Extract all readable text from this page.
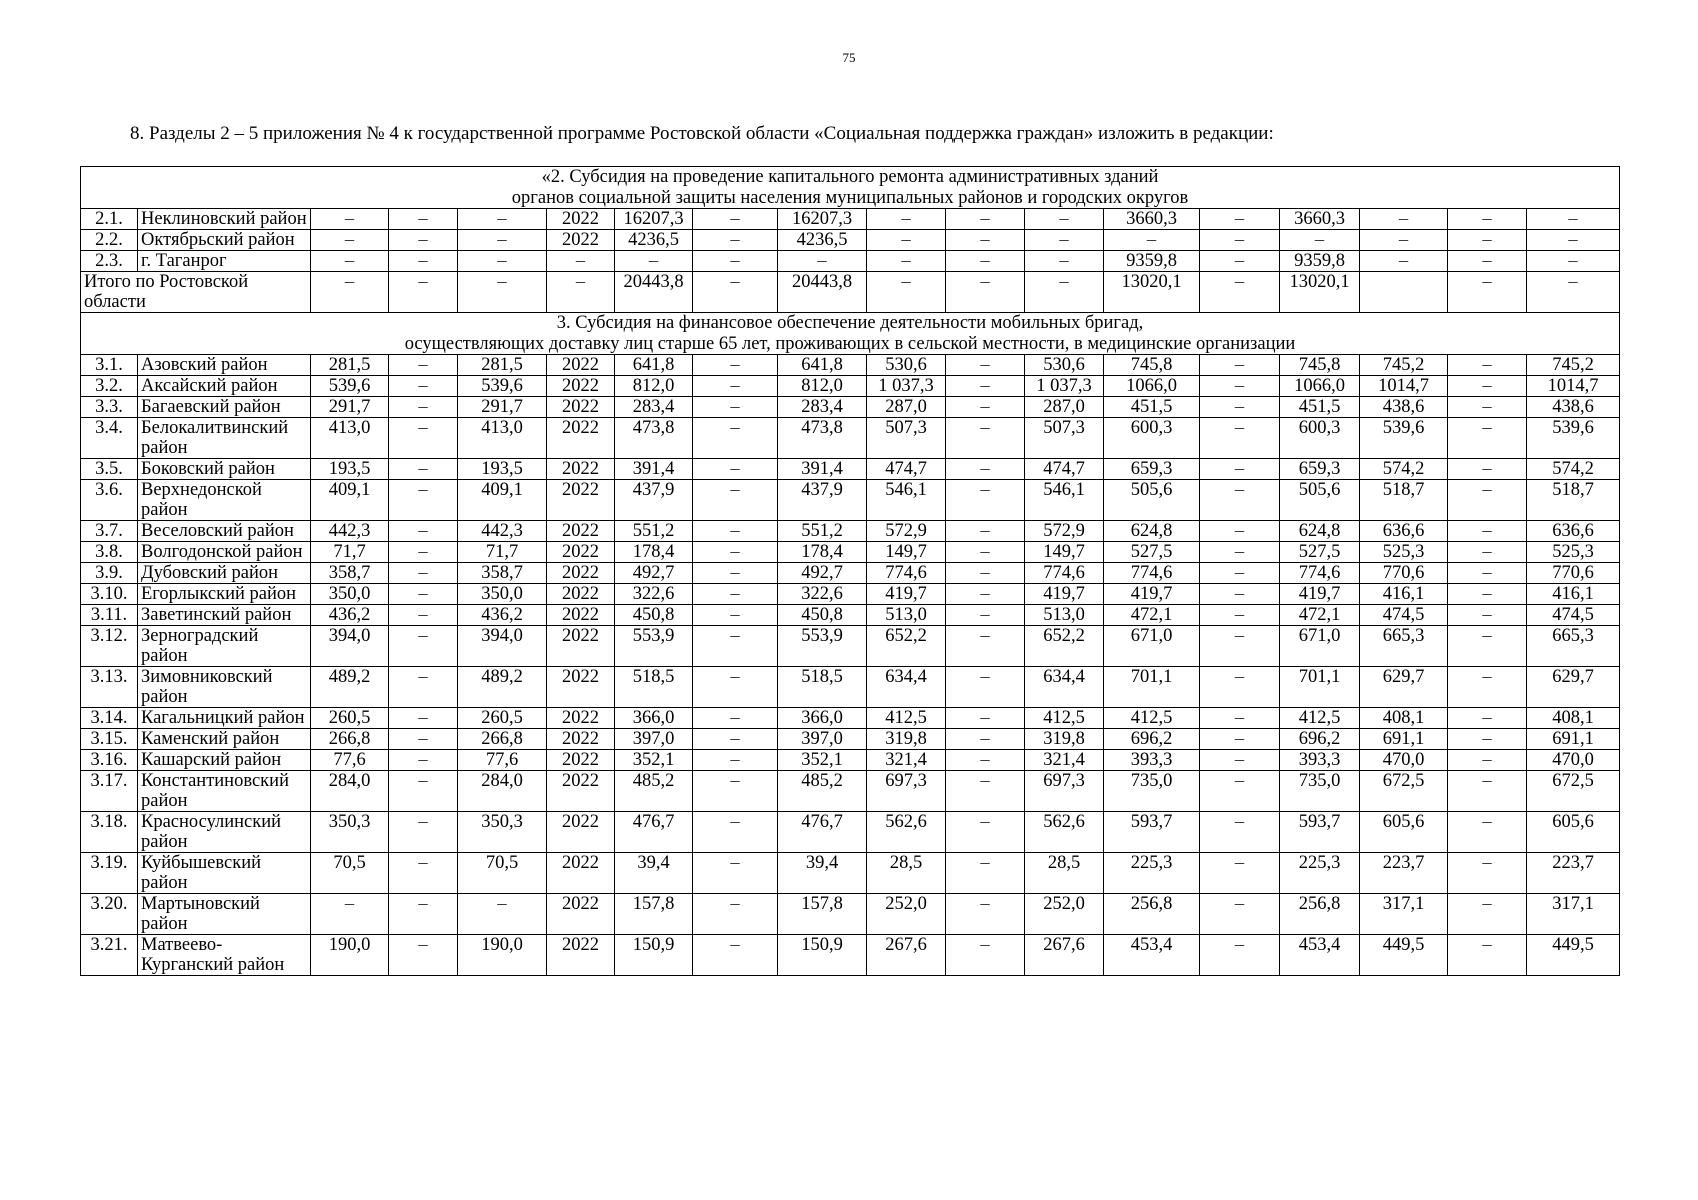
75
8. Разделы 2 – 5 приложения № 4 к государственной программе Ростовской области «Социальная поддержка граждан» изложить в редакции:
«2. Субсидия на проведение капитального ремонта административных зданий
органов социальной защиты населения муниципальных районов и городских округов																	

2.1.	Неклиновский район	–	–	–	2022	16207,3	–	16207,3	–	–	–	3660,3	–	3660,3	–	–	–
2.2.	Октябрьский район	–	–	–	2022	4236,5	–	4236,5	–	–	–	–	–	–	–	–	–
2.3.	г. Таганрог	–	–	–	–	–	–	–	–	–	–	9359,8	–	9359,8	–	–	–
Итого по Ростовской области		–	–	–	–	20443,8	–	20443,8	–	–	–	13020,1	–	13020,1		–	–

3. Субсидия на финансовое обеспечение деятельности мобильных бригад,
осуществляющих доставку лиц старше 65 лет, проживающих в сельской местности, в медицинские организации																	

3.1.	Азовский район	281,5	–	281,5	2022	641,8	–	641,8	530,6	–	530,6	745,8	–	745,8	745,2	–	745,2
3.2.	Аксайский район	539,6	–	539,6	2022	812,0	–	812,0	1 037,3	–	1 037,3	1066,0	–	1066,0	1014,7	–	1014,7
3.3.	Багаевский район	291,7	–	291,7	2022	283,4	–	283,4	287,0	–	287,0	451,5	–	451,5	438,6	–	438,6
3.4.	Белокалитвинский район	413,0	–	413,0	2022	473,8	–	473,8	507,3	–	507,3	600,3	–	600,3	539,6	–	539,6
3.5.	Боковский район	193,5	–	193,5	2022	391,4	–	391,4	474,7	–	474,7	659,3	–	659,3	574,2	–	574,2
3.6.	Верхнедонской район	409,1	–	409,1	2022	437,9	–	437,9	546,1	–	546,1	505,6	–	505,6	518,7	–	518,7
3.7.	Веселовский район	442,3	–	442,3	2022	551,2	–	551,2	572,9	–	572,9	624,8	–	624,8	636,6	–	636,6
3.8.	Волгодонской район	71,7	–	71,7	2022	178,4	–	178,4	149,7	–	149,7	527,5	–	527,5	525,3	–	525,3
3.9.	Дубовский район	358,7	–	358,7	2022	492,7	–	492,7	774,6	–	774,6	774,6	–	774,6	770,6	–	770,6
3.10.	Егорлыкский район	350,0	–	350,0	2022	322,6	–	322,6	419,7	–	419,7	419,7	–	419,7	416,1	–	416,1
3.11.	Заветинский район	436,2	–	436,2	2022	450,8	–	450,8	513,0	–	513,0	472,1	–	472,1	474,5	–	474,5
3.12.	Зерноградский район	394,0	–	394,0	2022	553,9	–	553,9	652,2	–	652,2	671,0	–	671,0	665,3	–	665,3
3.13.	Зимовниковский район	489,2	–	489,2	2022	518,5	–	518,5	634,4	–	634,4	701,1	–	701,1	629,7	–	629,7
3.14.	Кагальницкий район	260,5	–	260,5	2022	366,0	–	366,0	412,5	–	412,5	412,5	–	412,5	408,1	–	408,1
3.15.	Каменский район	266,8	–	266,8	2022	397,0	–	397,0	319,8	–	319,8	696,2	–	696,2	691,1	–	691,1
3.16.	Кашарский район	77,6	–	77,6	2022	352,1	–	352,1	321,4	–	321,4	393,3	–	393,3	470,0	–	470,0
3.17.	Константиновский район	284,0	–	284,0	2022	485,2	–	485,2	697,3	–	697,3	735,0	–	735,0	672,5	–	672,5
3.18.	Красносулинский район	350,3	–	350,3	2022	476,7	–	476,7	562,6	–	562,6	593,7	–	593,7	605,6	–	605,6
3.19.	Куйбышевский район	70,5	–	70,5	2022	39,4	–	39,4	28,5	–	28,5	225,3	–	225,3	223,7	–	223,7
3.20.	Мартыновский район	–	–	–	2022	157,8	–	157,8	252,0	–	252,0	256,8	–	256,8	317,1	–	317,1
3.21.	Матвеево-Курганский район	190,0	–	190,0	2022	150,9	–	150,9	267,6	–	267,6	453,4	–	453,4	449,5	–	449,5
